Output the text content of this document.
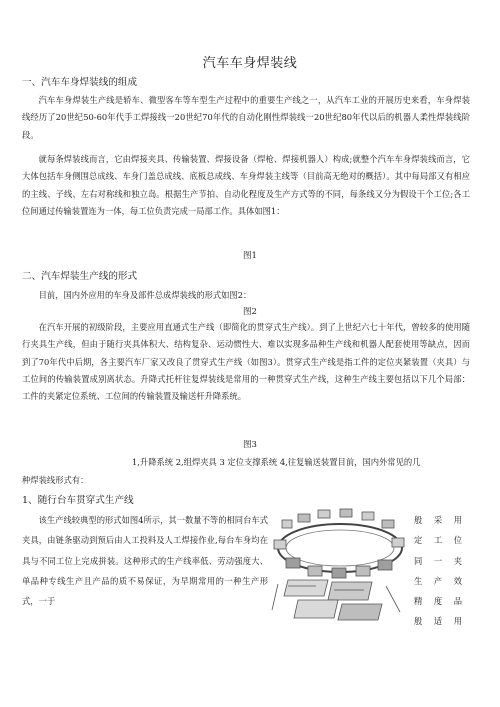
汽车车身焊装线
一、汽车车身焊装线的组成

汽车车身焊装生产线是轿车、微型客车等车型生产过程中的重要生产线之一，从汽车工业的开展历史来看，车身焊装线经历了20世纪50-60年代手工焊接线一20世纪70年代的自动化刚性焊装线一20世纪80年代以后的机器人柔性焊装线阶段。

就每条焊装线而言，它由焊接夹具、传输装置、焊接设备（焊枪、焊接机器人）构成;就整个汽车车身焊装线而言，它大体包括车身侧围总成线、车身门盖总成线、底板总成线、车身焊装主线等（目前高无绝对的概括）。其中每局部又有相应的主线、子线、左右对称线和独立岛。根据生产节拍、自动化程度及生产方式等的不同，每条线又分为假设干个工位;各工位间通过传输装置连为一体，每工位负责完成一局部工作。具体如图1：

图1
二、汽车焊装生产线的形式

目前，国内外应用的车身及部件总成焊装线的形式如图2：

图2

在汽车开展的初级阶段，主要应用直通式生产线（即简化的贯穿式生产线）。到了上世纪六七十年代，曾较多的使用随行夹具生产线，但由于随行夹具体积大、结构复杂、运动惯性大、难以实现多品种生产线和机器人配套使用等缺点，因而到了70年代中后期，各主要汽车厂家又改良了贯穿式生产线（如图3）。贯穿式生产线是指工件的定位夹紧装置（夹具）与工位间的传输装置成别离状态。升降式托杆往复焊装线是常用的一种贯穿式生产线，这种生产线主要包括以下几个局部：工件的夹紧定位系统、工位间的传输装置及输送杆升降系统。

图3
1,升降系统 2,组焊夹具 3 定位支撑系统 4,往复输送装置目前，国内外常见的几
种焊装线形式有：
1、随行台车贯穿式生产线

该生产线较典型的形式如图4所示，其一数量不等的相同台车式夹具，由链条驱动到预后由人工投料及人工焊接作业,每台车身均在具与不同工位上完成拼装。这种形式的生产线率低、劳动强度大、单品种专线生产且产品的质不易保证，为早期常用的一种生产形式，一于

般 采 用
定 工 位
同 一 夹
生 产 效
精 度 品
般适用
